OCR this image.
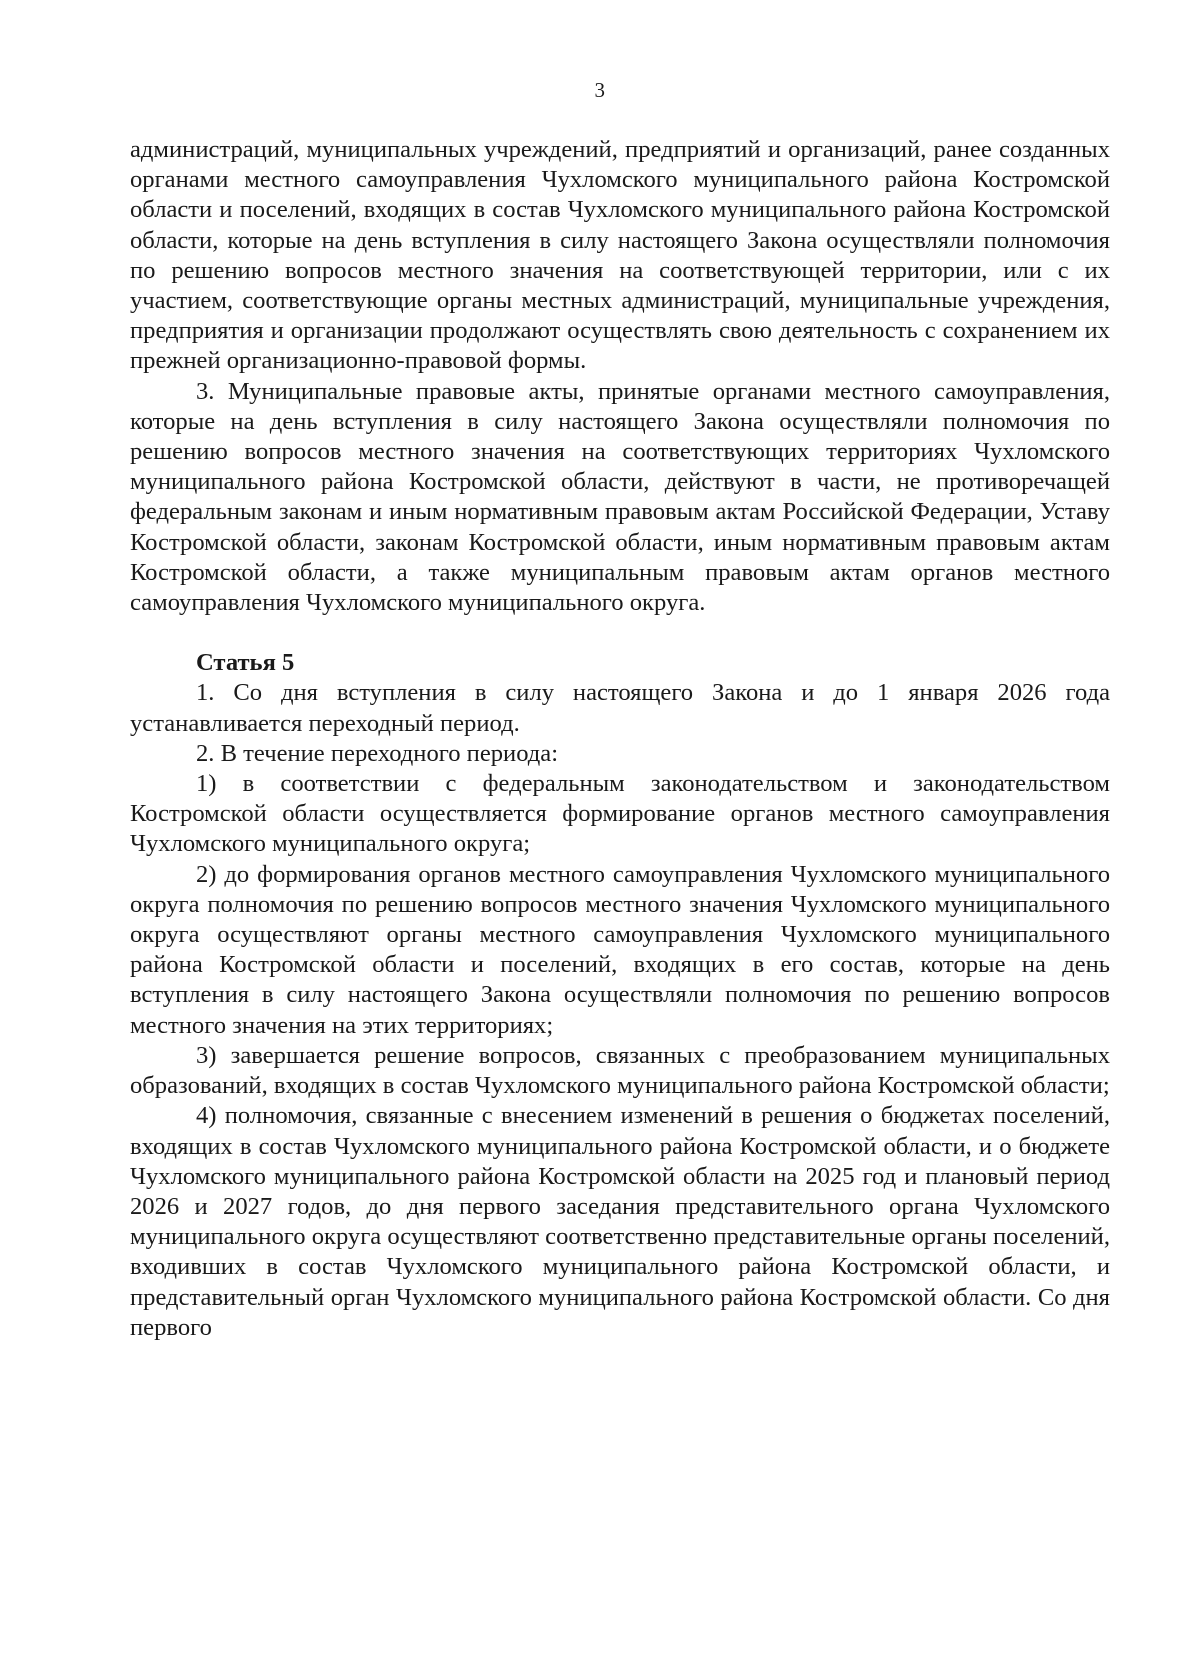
3

администраций, муниципальных учреждений, предприятий и организаций, ранее созданных органами местного самоуправления Чухломского муниципального района Костромской области и поселений, входящих в состав Чухломского муниципального района Костромской области, которые на день вступления в силу настоящего Закона осуществляли полномочия по решению вопросов местного значения на соответствующей территории, или с их участием, соответствующие органы местных администраций, муниципальные учреждения, предприятия и организации продолжают осуществлять свою деятельность с сохранением их прежней организационно-правовой формы.

3. Муниципальные правовые акты, принятые органами местного самоуправления, которые на день вступления в силу настоящего Закона осуществляли полномочия по решению вопросов местного значения на соответствующих территориях Чухломского муниципального района Костромской области, действуют в части, не противоречащей федеральным законам и иным нормативным правовым актам Российской Федерации, Уставу Костромской области, законам Костромской области, иным нормативным правовым актам Костромской области, а также муниципальным правовым актам органов местного самоуправления Чухломского муниципального округа.

Статья 5

1. Со дня вступления в силу настоящего Закона и до 1 января 2026 года устанавливается переходный период.

2. В течение переходного периода:

1) в соответствии с федеральным законодательством и законодательством Костромской области осуществляется формирование органов местного самоуправления Чухломского муниципального округа;

2) до формирования органов местного самоуправления Чухломского муниципального округа полномочия по решению вопросов местного значения Чухломского муниципального округа осуществляют органы местного самоуправления Чухломского муниципального района Костромской области и поселений, входящих в его состав, которые на день вступления в силу настоящего Закона осуществляли полномочия по решению вопросов местного значения на этих территориях;

3) завершается решение вопросов, связанных с преобразованием муниципальных образований, входящих в состав Чухломского муниципального района Костромской области;

4) полномочия, связанные с внесением изменений в решения о бюджетах поселений, входящих в состав Чухломского муниципального района Костромской области, и о бюджете Чухломского муниципального района Костромской области на 2025 год и плановый период 2026 и 2027 годов, до дня первого заседания представительного органа Чухломского муниципального округа осуществляют соответственно представительные органы поселений, входивших в состав Чухломского муниципального района Костромской области, и представительный орган Чухломского муниципального района Костромской области. Со дня первого
